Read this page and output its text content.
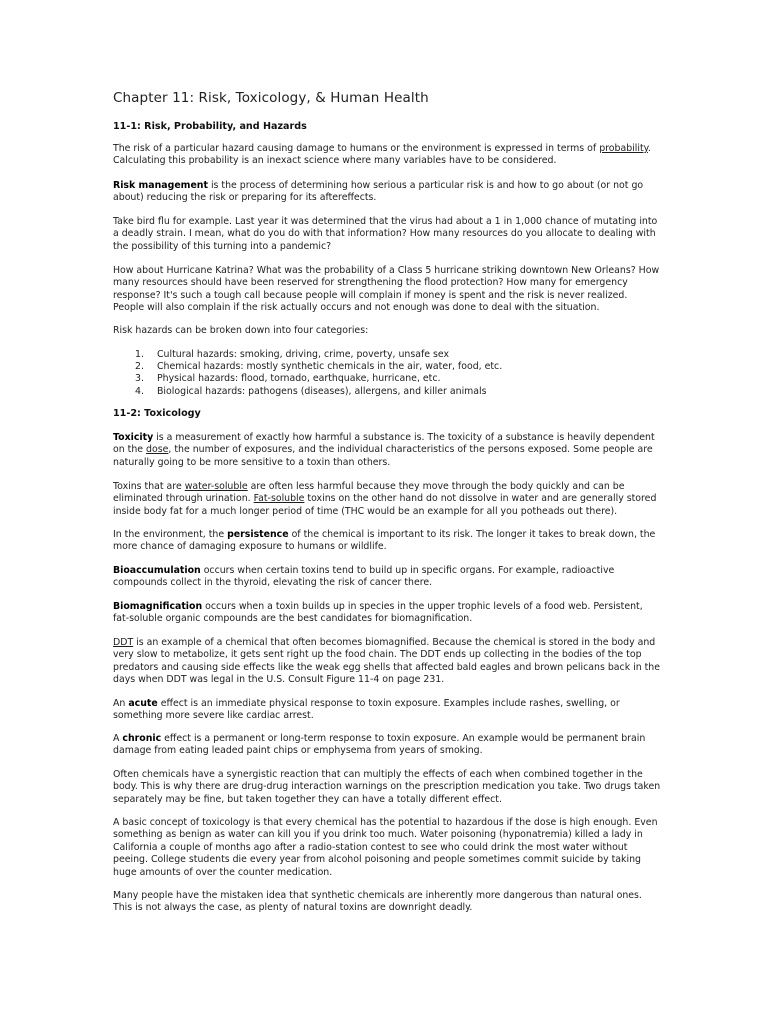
Chapter 11: Risk, Toxicology, & Human Health
11-1: Risk, Probability, and Hazards

The risk of a particular hazard causing damage to humans or the environment is expressed in terms of probability. Calculating this probability is an inexact science where many variables have to be considered.

Risk management is the process of determining how serious a particular risk is and how to go about (or not go about) reducing the risk or preparing for its aftereffects.

Take bird flu for example. Last year it was determined that the virus had about a 1 in 1,000 chance of mutating into a deadly strain. I mean, what do you do with that information? How many resources do you allocate to dealing with the possibility of this turning into a pandemic?

How about Hurricane Katrina? What was the probability of a Class 5 hurricane striking downtown New Orleans? How many resources should have been reserved for strengthening the flood protection? How many for emergency response? It's such a tough call because people will complain if money is spent and the risk is never realized. People will also complain if the risk actually occurs and not enough was done to deal with the situation.

Risk hazards can be broken down into four categories:

1. Cultural hazards: smoking, driving, crime, poverty, unsafe sex
2. Chemical hazards: mostly synthetic chemicals in the air, water, food, etc.
3. Physical hazards: flood, tornado, earthquake, hurricane, etc.
4. Biological hazards: pathogens (diseases), allergens, and killer animals
11-2: Toxicology

Toxicity is a measurement of exactly how harmful a substance is. The toxicity of a substance is heavily dependent on the dose, the number of exposures, and the individual characteristics of the persons exposed. Some people are naturally going to be more sensitive to a toxin than others.

Toxins that are water-soluble are often less harmful because they move through the body quickly and can be eliminated through urination. Fat-soluble toxins on the other hand do not dissolve in water and are generally stored inside body fat for a much longer period of time (THC would be an example for all you potheads out there).

In the environment, the persistence of the chemical is important to its risk. The longer it takes to break down, the more chance of damaging exposure to humans or wildlife.

Bioaccumulation occurs when certain toxins tend to build up in specific organs. For example, radioactive compounds collect in the thyroid, elevating the risk of cancer there.

Biomagnification occurs when a toxin builds up in species in the upper trophic levels of a food web. Persistent, fat-soluble organic compounds are the best candidates for biomagnification.

DDT is an example of a chemical that often becomes biomagnified. Because the chemical is stored in the body and very slow to metabolize, it gets sent right up the food chain. The DDT ends up collecting in the bodies of the top predators and causing side effects like the weak egg shells that affected bald eagles and brown pelicans back in the days when DDT was legal in the U.S. Consult Figure 11-4 on page 231.

An acute effect is an immediate physical response to toxin exposure. Examples include rashes, swelling, or something more severe like cardiac arrest.

A chronic effect is a permanent or long-term response to toxin exposure. An example would be permanent brain damage from eating leaded paint chips or emphysema from years of smoking.

Often chemicals have a synergistic reaction that can multiply the effects of each when combined together in the body. This is why there are drug-drug interaction warnings on the prescription medication you take. Two drugs taken separately may be fine, but taken together they can have a totally different effect.

A basic concept of toxicology is that every chemical has the potential to hazardous if the dose is high enough. Even something as benign as water can kill you if you drink too much. Water poisoning (hyponatremia) killed a lady in California a couple of months ago after a radio-station contest to see who could drink the most water without peeing. College students die every year from alcohol poisoning and people sometimes commit suicide by taking huge amounts of over the counter medication.

Many people have the mistaken idea that synthetic chemicals are inherently more dangerous than natural ones. This is not always the case, as plenty of natural toxins are downright deadly.
